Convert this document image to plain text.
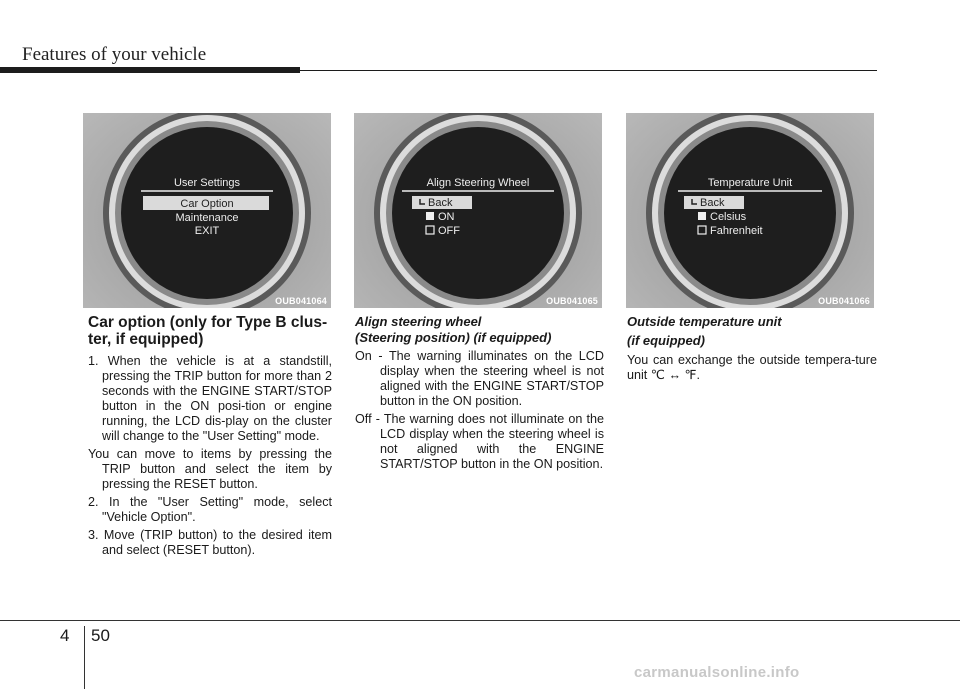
Features of your vehicle
User Settings
Car Option
Maintenance
EXIT
OUB041064
Align Steering Wheel
Back
ON
OFF
OUB041065
Temperature Unit
Back
Celsius
Fahrenheit
OUB041066

Car option (only for Type B clus-ter, if equipped)

1. When the vehicle is at a standstill, pressing the TRIP button for more than 2 seconds with the ENGINE START/STOP button in the ON posi-tion or engine running, the LCD dis-play on the cluster will change to the "User Setting" mode.

You can move to items by pressing the TRIP button and select the item by pressing the RESET button.

2. In the "User Setting" mode, select "Vehicle Option".

3. Move (TRIP button) to the desired item and select (RESET button).

Align steering wheel

(Steering position) (if equipped)

On - The warning illuminates on the LCD display when the steering wheel is not aligned with the ENGINE START/STOP button in the ON position.

Off - The warning does not illuminate on the LCD display when the steering wheel is not aligned with the ENGINE START/STOP button in the ON position.

Outside temperature unit

(if equipped)

You can exchange the outside tempera-ture unit ℃ ↔ ℉.

4 50
carmanualsonline.info
